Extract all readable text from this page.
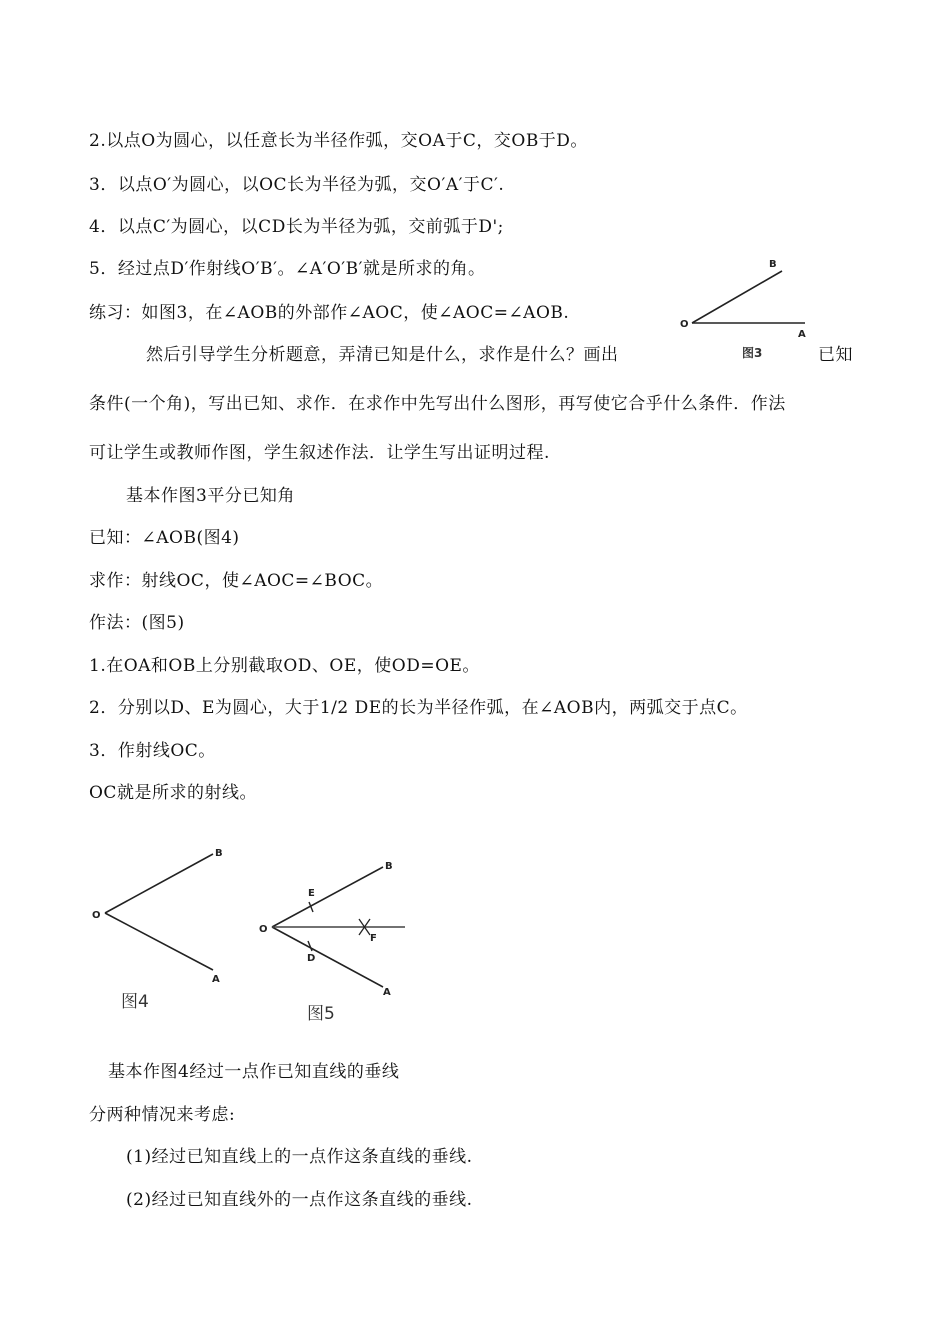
2.以点O为圆心，以任意长为半径作弧，交OA于C，交OB于D。
3．以点O′为圆心，以OC长为半径为弧，交O′A′于C′.
4．以点C′为圆心，以CD长为半径为弧，交前弧于D';
5．经过点D′作射线O′B′。∠A′O′B′就是所求的角。
练习：如图3，在∠AOB的外部作∠AOC，使∠AOC=∠AOB.
然后引导学生分析题意，弄清已知是什么，求作是什么？画出	已知
条件(一个角)，写出已知、求作．在求作中先写出什么图形，再写使它合乎什么条件．作法
可让学生或教师作图，学生叙述作法．让学生写出证明过程.
基本作图3平分已知角
已知：∠AOB(图4)
求作：射线OC，使∠AOC=∠BOC。
作法：(图5)
1.在OA和OB上分别截取OD、OE，使OD=OE。
2．分别以D、E为圆心，大于1/2 DE的长为半径作弧，在∠AOB内，两弧交于点C。
3．作射线OC。
OC就是所求的射线。
基本作图4经过一点作已知直线的垂线
分两种情况来考虑:
(1)经过已知直线上的一点作这条直线的垂线.
(2)经过已知直线外的一点作这条直线的垂线.
O
B
A
图3
O
B
A
图4
O
B
A
E
D
F
图5
